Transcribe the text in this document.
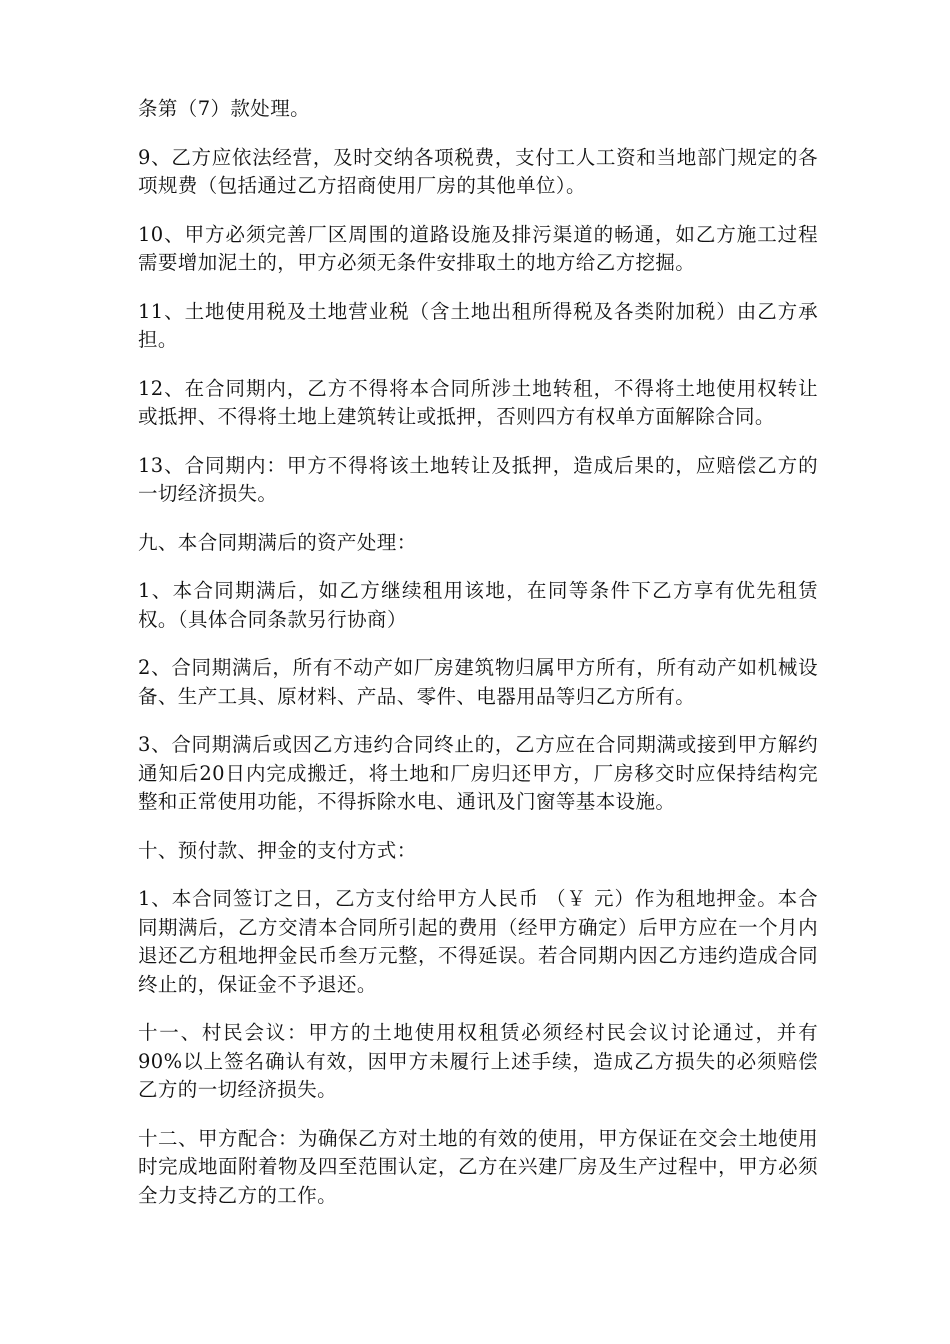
条第（7）款处理。

9、乙方应依法经营，及时交纳各项税费，支付工人工资和当地部门规定的各项规费（包括通过乙方招商使用厂房的其他单位）。

10、甲方必须完善厂区周围的道路设施及排污渠道的畅通，如乙方施工过程需要增加泥土的，甲方必须无条件安排取土的地方给乙方挖掘。

11、土地使用税及土地营业税（含土地出租所得税及各类附加税）由乙方承担。

12、在合同期内，乙方不得将本合同所涉土地转租，不得将土地使用权转让或抵押、不得将土地上建筑转让或抵押，否则四方有权单方面解除合同。

13、合同期内：甲方不得将该土地转让及抵押，造成后果的，应赔偿乙方的一切经济损失。

九、本合同期满后的资产处理：

1、本合同期满后，如乙方继续租用该地，在同等条件下乙方享有优先租赁权。（具体合同条款另行协商）

2、合同期满后，所有不动产如厂房建筑物归属甲方所有，所有动产如机械设备、生产工具、原材料、产品、零件、电器用品等归乙方所有。

3、合同期满后或因乙方违约合同终止的，乙方应在合同期满或接到甲方解约通知后20日内完成搬迁，将土地和厂房归还甲方，厂房移交时应保持结构完整和正常使用功能，不得拆除水电、通讯及门窗等基本设施。

十、预付款、押金的支付方式：

1、本合同签订之日，乙方支付给甲方人民币 （￥ 元）作为租地押金。本合同期满后，乙方交清本合同所引起的费用（经甲方确定）后甲方应在一个月内退还乙方租地押金民币叁万元整，不得延误。若合同期内因乙方违约造成合同终止的，保证金不予退还。

十一、村民会议：甲方的土地使用权租赁必须经村民会议讨论通过，并有90%以上签名确认有效，因甲方未履行上述手续，造成乙方损失的必须赔偿乙方的一切经济损失。

十二、甲方配合：为确保乙方对土地的有效的使用，甲方保证在交会土地使用时完成地面附着物及四至范围认定，乙方在兴建厂房及生产过程中，甲方必须全力支持乙方的工作。
